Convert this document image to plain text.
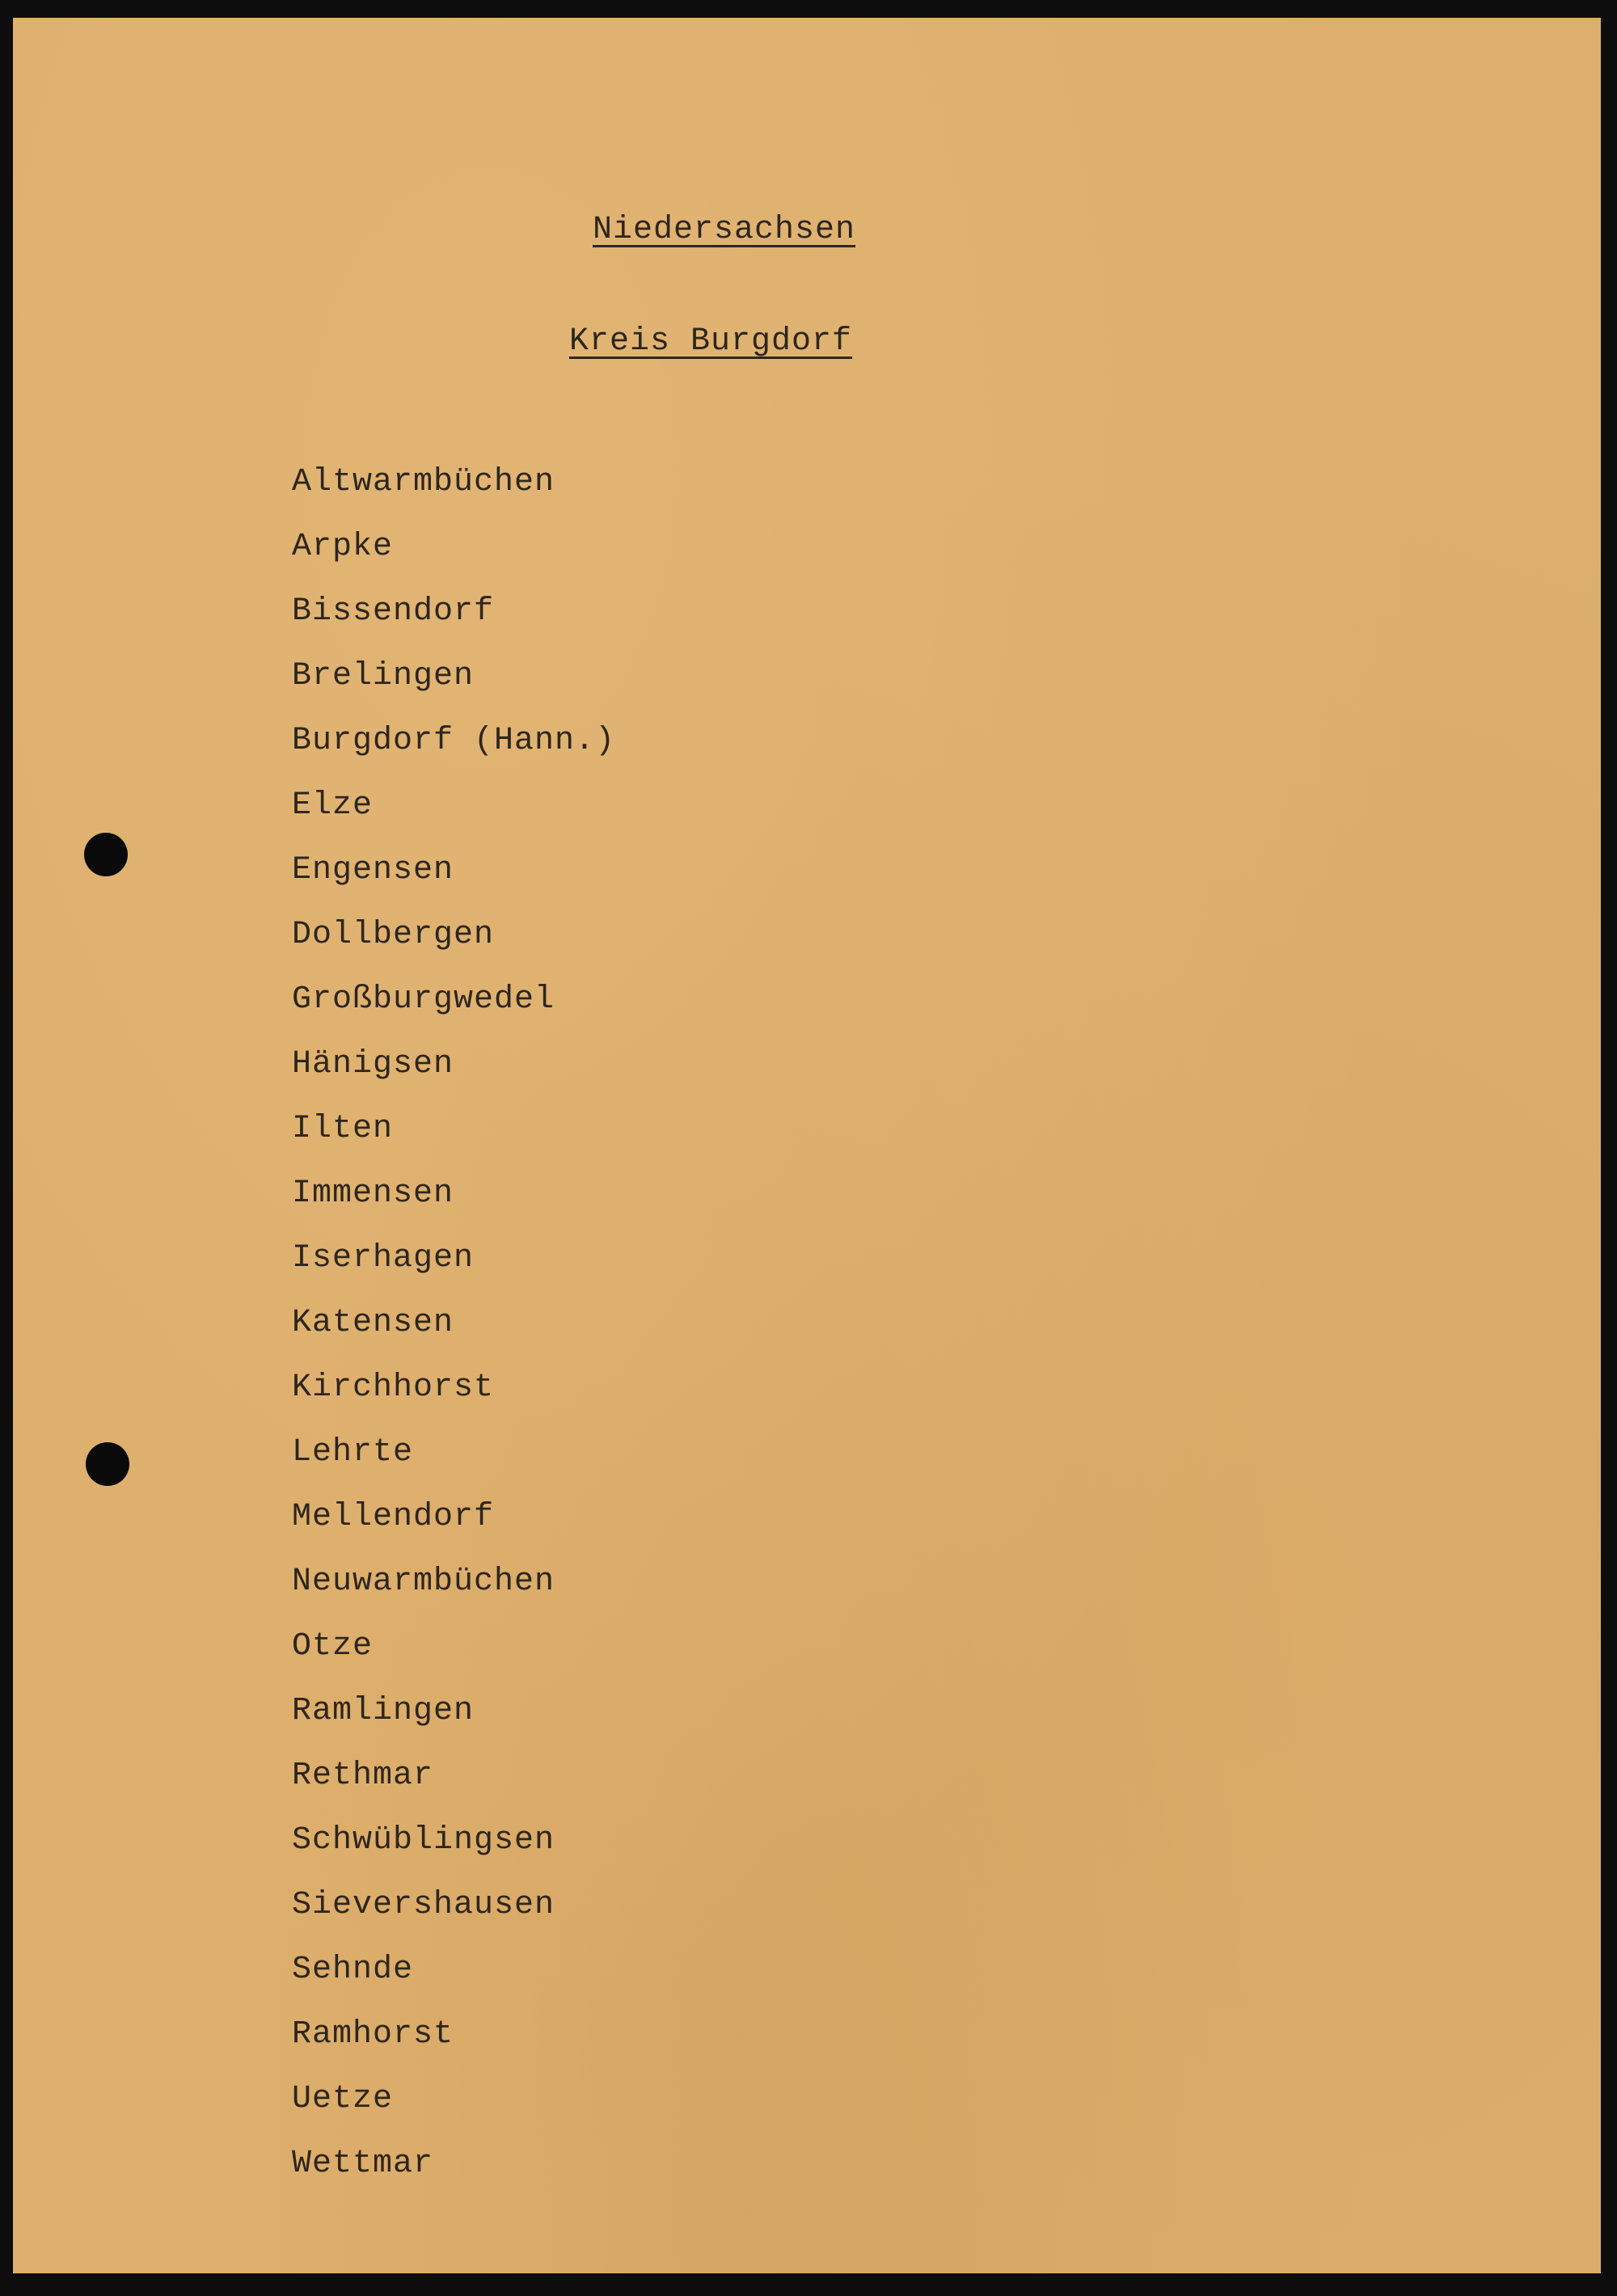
Niedersachsen
Kreis Burgdorf
Altwarmbüchen
Arpke
Bissendorf
Brelingen
Burgdorf (Hann.)
Elze
Engensen
Dollbergen
Großburgwedel
Hänigsen
Ilten
Immensen
Iserhagen
Katensen
Kirchhorst
Lehrte
Mellendorf
Neuwarmbüchen
Otze
Ramlingen
Rethmar
Schwüblingsen
Sievershausen
Sehnde
Ramhorst
Uetze
Wettmar
